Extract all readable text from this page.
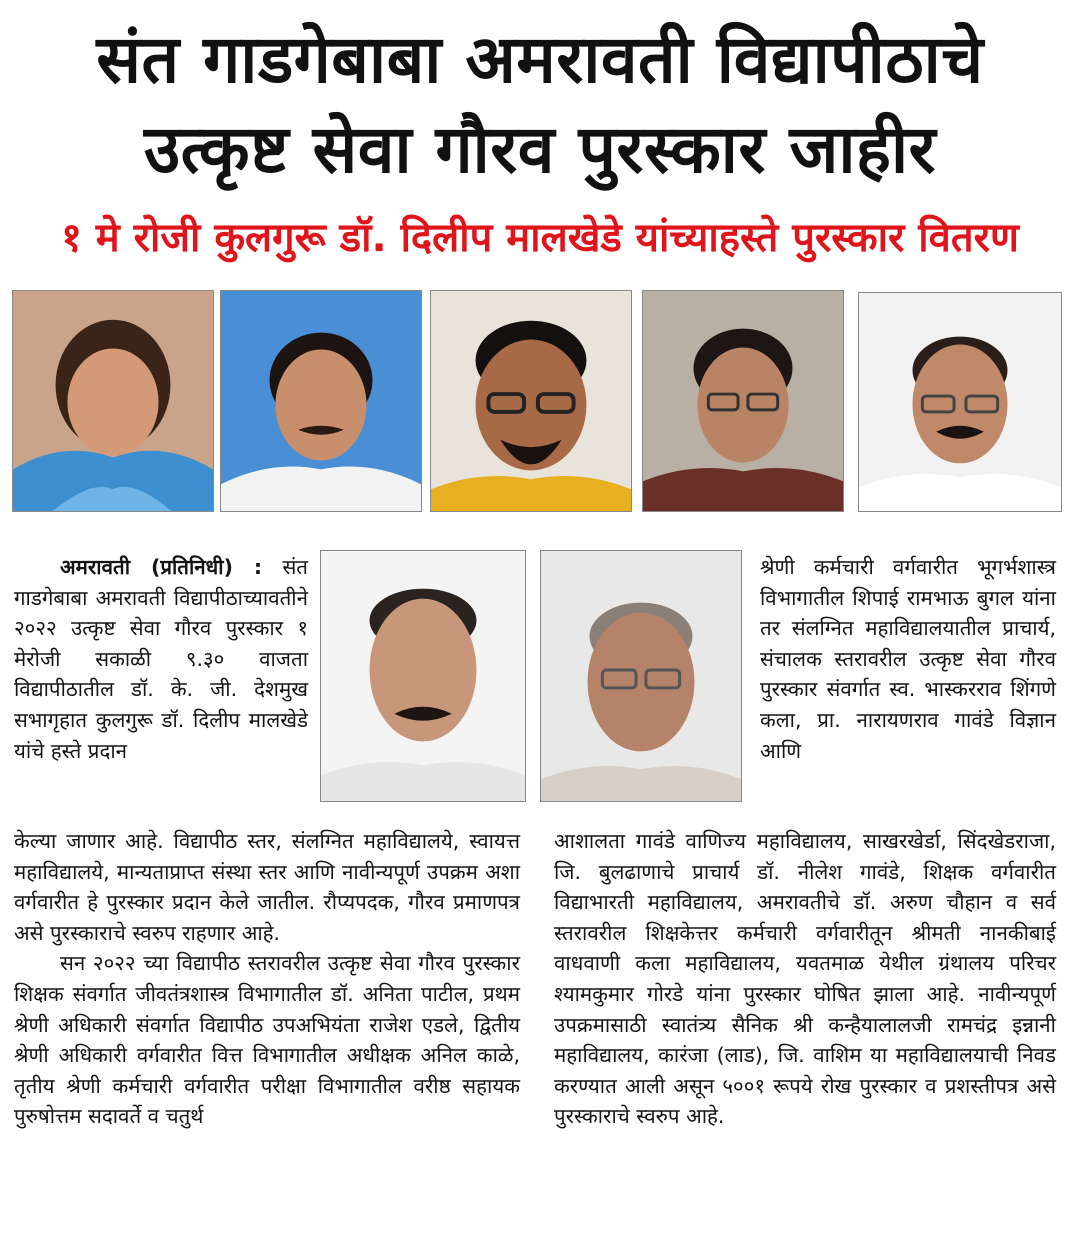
संत गाडगेबाबा अमरावती विद्यापीठाचे
उत्कृष्ट सेवा गौरव पुरस्कार जाहीर
१ मे रोजी कुलगुरू डॉ. दिलीप मालखेडे यांच्याहस्ते पुरस्कार वितरण

अमरावती (प्रतिनिधी) : संत गाडगेबाबा अमरावती विद्यापीठाच्यावतीने २०२२ उत्कृष्ट सेवा गौरव पुरस्कार १ मेरोजी सकाळी ९.३० वाजता विद्यापीठातील डॉ. के. जी. देशमुख सभागृहात कुलगुरू डॉ. दिलीप मालखेडे यांचे हस्ते प्रदान

केल्या जाणार आहे. विद्यापीठ स्तर, संलग्नित महाविद्यालये, स्वायत्त महाविद्यालये, मान्यताप्राप्त संस्था स्तर आणि नावीन्यपूर्ण उपक्रम अशा वर्गवारीत हे पुरस्कार प्रदान केले जातील. रौप्यपदक, गौरव प्रमाणपत्र असे पुरस्काराचे स्वरुप राहणार आहे.

सन २०२२ च्या विद्यापीठ स्तरावरील उत्कृष्ट सेवा गौरव पुरस्कार शिक्षक संवर्गात जीवतंत्रशास्त्र विभागातील डॉ. अनिता पाटील, प्रथम श्रेणी अधिकारी संवर्गात विद्यापीठ उपअभियंता राजेश एडले, द्वितीय श्रेणी अधिकारी वर्गवारीत वित्त विभागातील अधीक्षक अनिल काळे, तृतीय श्रेणी कर्मचारी वर्गवारीत परीक्षा विभागातील वरीष्ठ सहायक पुरुषोत्तम सदावर्ते व चतुर्थ

श्रेणी कर्मचारी वर्गवारीत भूगर्भशास्त्र विभागातील शिपाई रामभाऊ बुगल यांना तर संलग्नित महाविद्यालयातील प्राचार्य, संचालक स्तरावरील उत्कृष्ट सेवा गौरव पुरस्कार संवर्गात स्व. भास्करराव शिंगणे कला, प्रा. नारायणराव गावंडे विज्ञान आणि

आशालता गावंडे वाणिज्य महाविद्यालय, साखरखेर्डा, सिंदखेडराजा, जि. बुलढाणाचे प्राचार्य डॉ. नीलेश गावंडे, शिक्षक वर्गवारीत विद्याभारती महाविद्यालय, अमरावतीचे डॉ. अरुण चौहान व सर्व स्तरावरील शिक्षकेत्तर कर्मचारी वर्गवारीतून श्रीमती नानकीबाई वाधवाणी कला महाविद्यालय, यवतमाळ येथील ग्रंथालय परिचर श्यामकुमार गोरडे यांना पुरस्कार घोषित झाला आहे. नावीन्यपूर्ण उपक्रमासाठी स्वातंत्र्य सैनिक श्री कन्हैयालालजी रामचंद्र इन्नानी महाविद्यालय, कारंजा (लाड), जि. वाशिम या महाविद्यालयाची निवड करण्यात आली असून ५००१ रूपये रोख पुरस्कार व प्रशस्तीपत्र असे पुरस्काराचे स्वरुप आहे.
